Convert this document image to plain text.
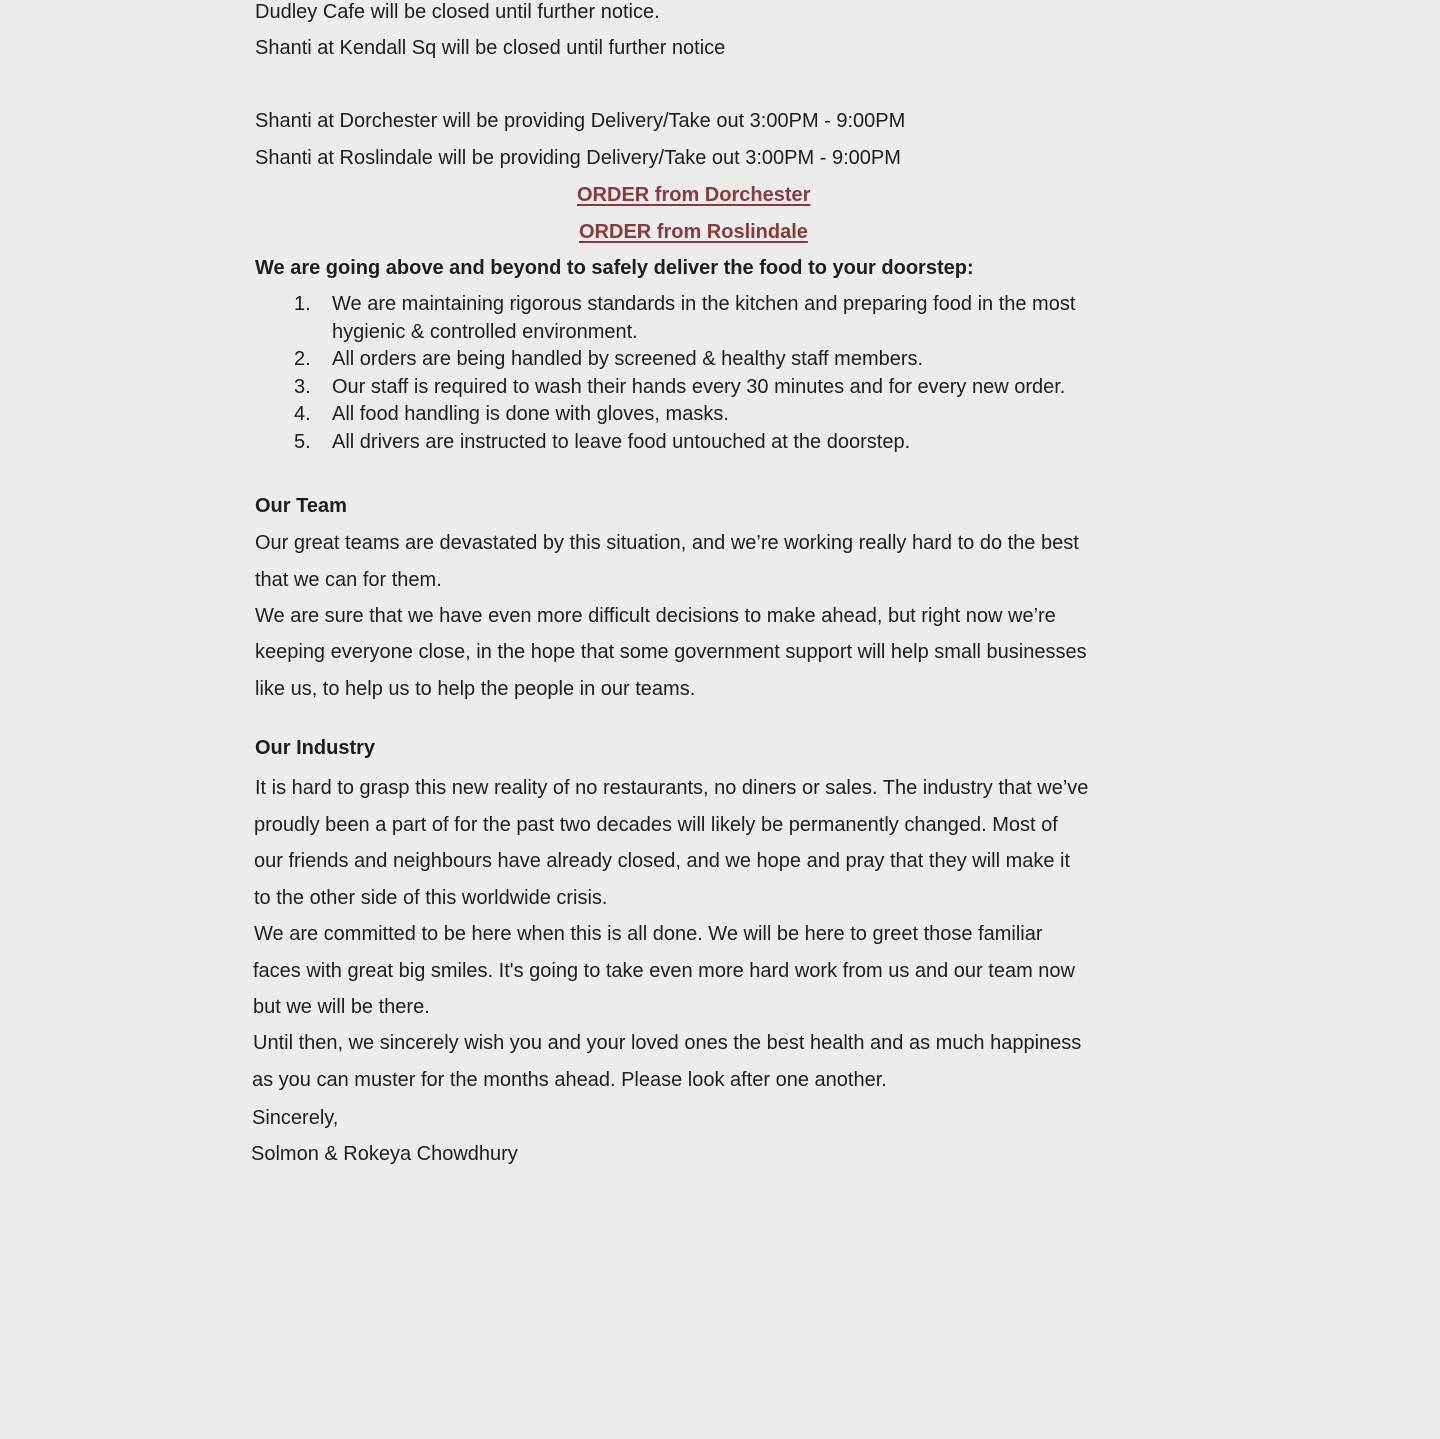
Dudley Cafe will be closed until further notice.

Shanti at Kendall Sq will be closed until further notice

Shanti at Dorchester will be providing Delivery/Take out 3:00PM - 9:00PM

Shanti at Roslindale will be providing Delivery/Take out 3:00PM - 9:00PM

ORDER from Dorchester
ORDER from Roslindale

We are going above and beyond to safely deliver the food to your doorstep:

1. We are maintaining rigorous standards in the kitchen and preparing food in the most
hygienic & controlled environment.
2. All orders are being handled by screened & healthy staff members.
3. Our staff is required to wash their hands every 30 minutes and for every new order.
4. All food handling is done with gloves, masks.
5. All drivers are instructed to leave food untouched at the doorstep.

Our Team

Our great teams are devastated by this situation, and we’re working really hard to do the best

that we can for them.

We are sure that we have even more difficult decisions to make ahead, but right now we’re

keeping everyone close, in the hope that some government support will help small businesses

like us, to help us to help the people in our teams.

Our Industry

It is hard to grasp this new reality of no restaurants, no diners or sales. The industry that we’ve

proudly been a part of for the past two decades will likely be permanently changed. Most of

our friends and neighbours have already closed, and we hope and pray that they will make it

to the other side of this worldwide crisis.

We are committed to be here when this is all done. We will be here to greet those familiar

faces with great big smiles. It's going to take even more hard work from us and our team now

but we will be there.

Until then, we sincerely wish you and your loved ones the best health and as much happiness

as you can muster for the months ahead. Please look after one another.

Sincerely,

Solmon & Rokeya Chowdhury
